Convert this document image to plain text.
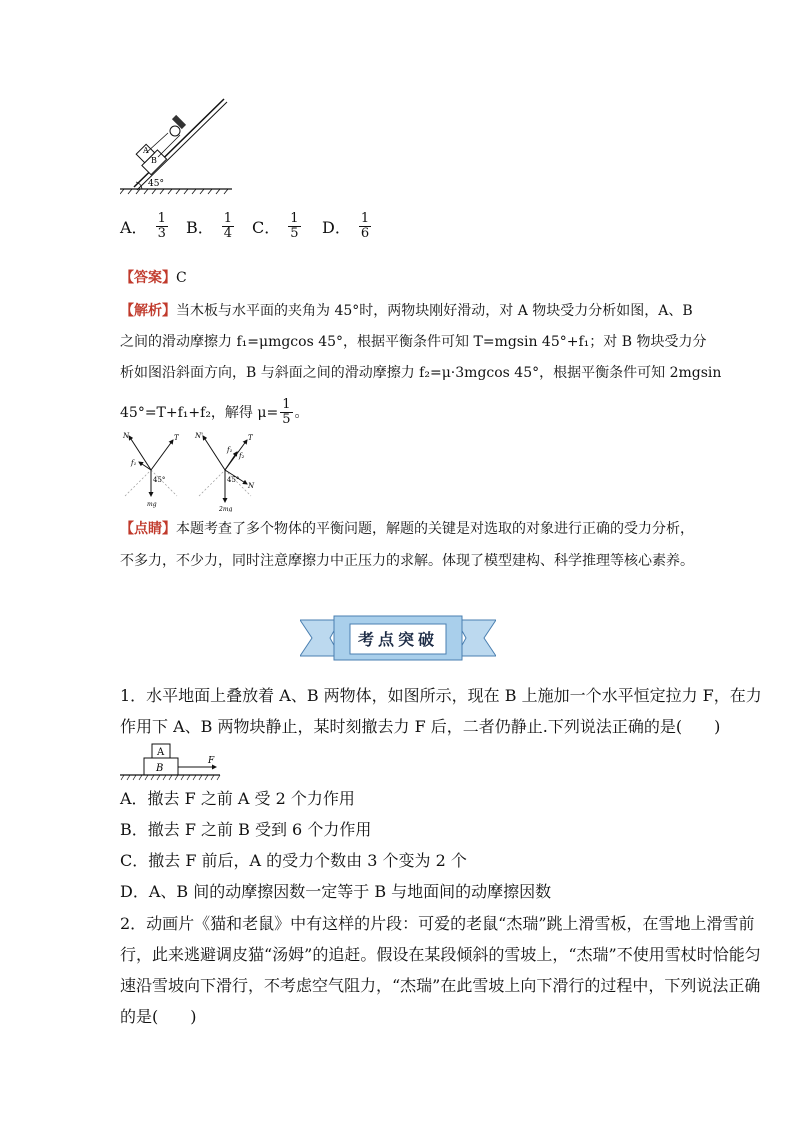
A
B
45°
A． $\frac{1}{3}$ B． $\frac{1}{4}$ C． $\frac{1}{5}$ D． $\frac{1}{6}$
【答案】C
【解析】当木板与水平面的夹角为 45°时，两物块刚好滑动，对 A 物块受力分析如图，A、B
之间的滑动摩擦力 f₁=μmgcos 45°，根据平衡条件可知 T=mgsin 45°+f₁；对 B 物块受力分
析如图沿斜面方向，B 与斜面之间的滑动摩擦力 f₂=μ·3mgcos 45°，根据平衡条件可知 2mgsin
45°=T+f₁+f₂，解得 $\mu= \frac{1}{5}$ 。
N	T
f₁
45°
mg
N'	T
f₁
f₂
45°
N
2mg
【点睛】本题考查了多个物体的平衡问题，解题的关键是对选取的对象进行正确的受力分析，
不多力，不少力，同时注意摩擦力中正压力的求解。体现了模型建构、科学推理等核心素养。
考点突破
1．水平地面上叠放着 A、B 两物体，如图所示，现在 B 上施加一个水平恒定拉力 F，在力
作用下 A、B 两物块静止，某时刻撤去力 F 后，二者仍静止.下列说法正确的是(　　)
A
B
F
A．撤去 F 之前 A 受 2 个力作用
B．撤去 F 之前 B 受到 6 个力作用
C．撤去 F 前后，A 的受力个数由 3 个变为 2 个
D．A、B 间的动摩擦因数一定等于 B 与地面间的动摩擦因数
2．动画片《猫和老鼠》中有这样的片段：可爱的老鼠“杰瑞”跳上滑雪板，在雪地上滑雪前
行，此来逃避调皮猫“汤姆”的追赶。假设在某段倾斜的雪坡上，“杰瑞”不使用雪杖时恰能匀
速沿雪坡向下滑行，不考虑空气阻力，“杰瑞”在此雪坡上向下滑行的过程中，下列说法正确
的是(　　)
